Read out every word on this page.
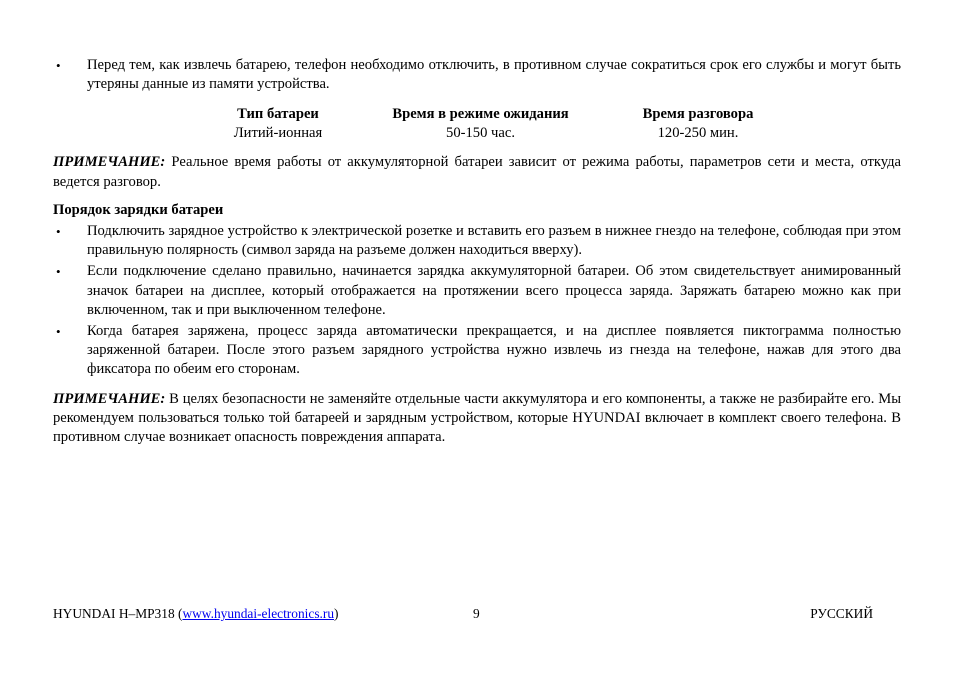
• Перед тем, как извлечь батарею, телефон необходимо отключить, в противном случае сократиться срок его службы и могут быть утеряны данные из памяти устройства.
Тип батареи	Время в режиме ожидания	Время разговора
Литий-ионная	50-150 час.	120-250 мин.
ПРИМЕЧАНИЕ: Реальное время работы от аккумуляторной батареи зависит от режима работы, параметров сети и места, откуда ведется разговор.
Порядок зарядки батареи
• Подключить зарядное устройство к электрической розетке и вставить его разъем в нижнее гнездо на телефоне, соблюдая при этом правильную полярность (символ заряда на разъеме должен находиться вверху).
• Если подключение сделано правильно, начинается зарядка аккумуляторной батареи. Об этом свидетельствует анимированный значок батареи на дисплее, который отображается на протяжении всего процесса заряда. Заряжать батарею можно как при включенном, так и при выключенном телефоне.
• Когда батарея заряжена, процесс заряда автоматически прекращается, и на дисплее появляется пиктограмма полностью заряженной батареи. После этого разъем зарядного устройства нужно извлечь из гнезда на телефоне, нажав для этого два фиксатора по обеим его сторонам.
ПРИМЕЧАНИЕ: В целях безопасности не заменяйте отдельные части аккумулятора и его компоненты, а также не разбирайте его. Мы рекомендуем пользоваться только той батареей и зарядным устройством, которые HYUNDAI включает в комплект своего телефона. В противном случае возникает опасность повреждения аппарата.
HYUNDAI H–MP318 (www.hyundai-electronics.ru)	9	РУССКИЙ
